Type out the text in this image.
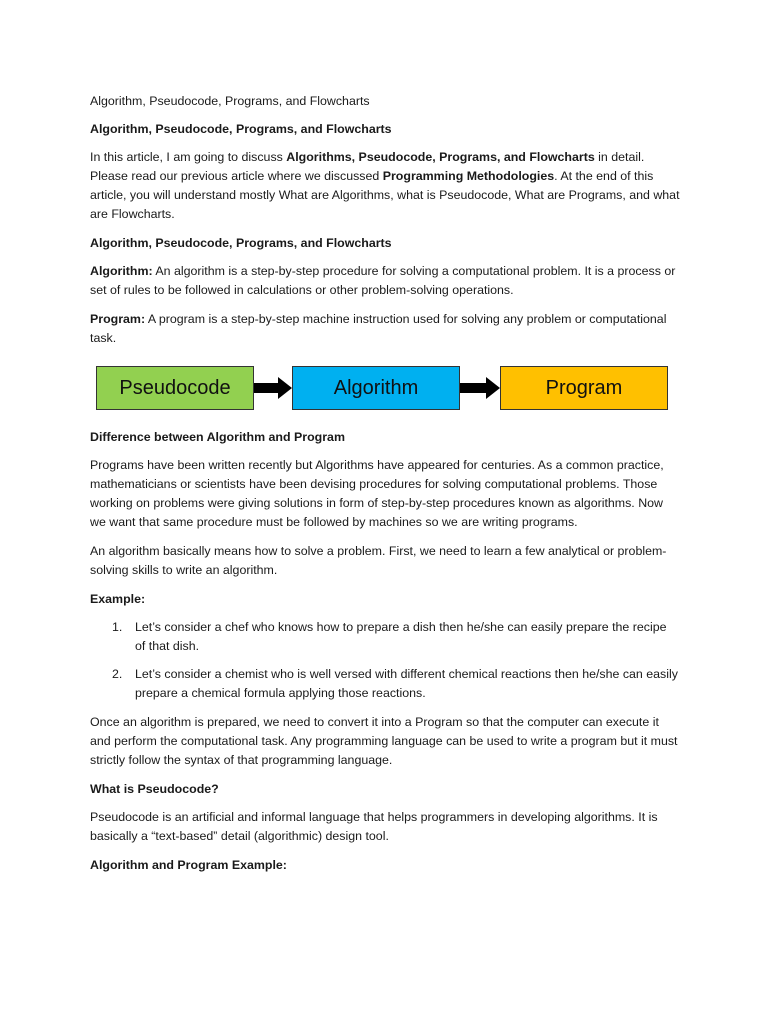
Algorithm, Pseudocode, Programs, and Flowcharts

Algorithm, Pseudocode, Programs, and Flowcharts

In this article, I am going to discuss Algorithms, Pseudocode, Programs, and Flowcharts in detail. Please read our previous article where we discussed Programming Methodologies. At the end of this article, you will understand mostly What are Algorithms, what is Pseudocode, What are Programs, and what are Flowcharts.

Algorithm, Pseudocode, Programs, and Flowcharts

Algorithm: An algorithm is a step-by-step procedure for solving a computational problem. It is a process or set of rules to be followed in calculations or other problem-solving operations.

Program: A program is a step-by-step machine instruction used for solving any problem or computational task.

Pseudocode	Algorithm	Program

Difference between Algorithm and Program

Programs have been written recently but Algorithms have appeared for centuries. As a common practice, mathematicians or scientists have been devising procedures for solving computational problems. Those working on problems were giving solutions in form of step-by-step procedures known as algorithms. Now we want that same procedure must be followed by machines so we are writing programs.

An algorithm basically means how to solve a problem. First, we need to learn a few analytical or problem-solving skills to write an algorithm.

Example:

1. Let’s consider a chef who knows how to prepare a dish then he/she can easily prepare the recipe of that dish.
2. Let’s consider a chemist who is well versed with different chemical reactions then he/she can easily prepare a chemical formula applying those reactions.

Once an algorithm is prepared, we need to convert it into a Program so that the computer can execute it and perform the computational task. Any programming language can be used to write a program but it must strictly follow the syntax of that programming language.

What is Pseudocode?

Pseudocode is an artificial and informal language that helps programmers in developing algorithms. It is basically a “text-based” detail (algorithmic) design tool.

Algorithm and Program Example:
